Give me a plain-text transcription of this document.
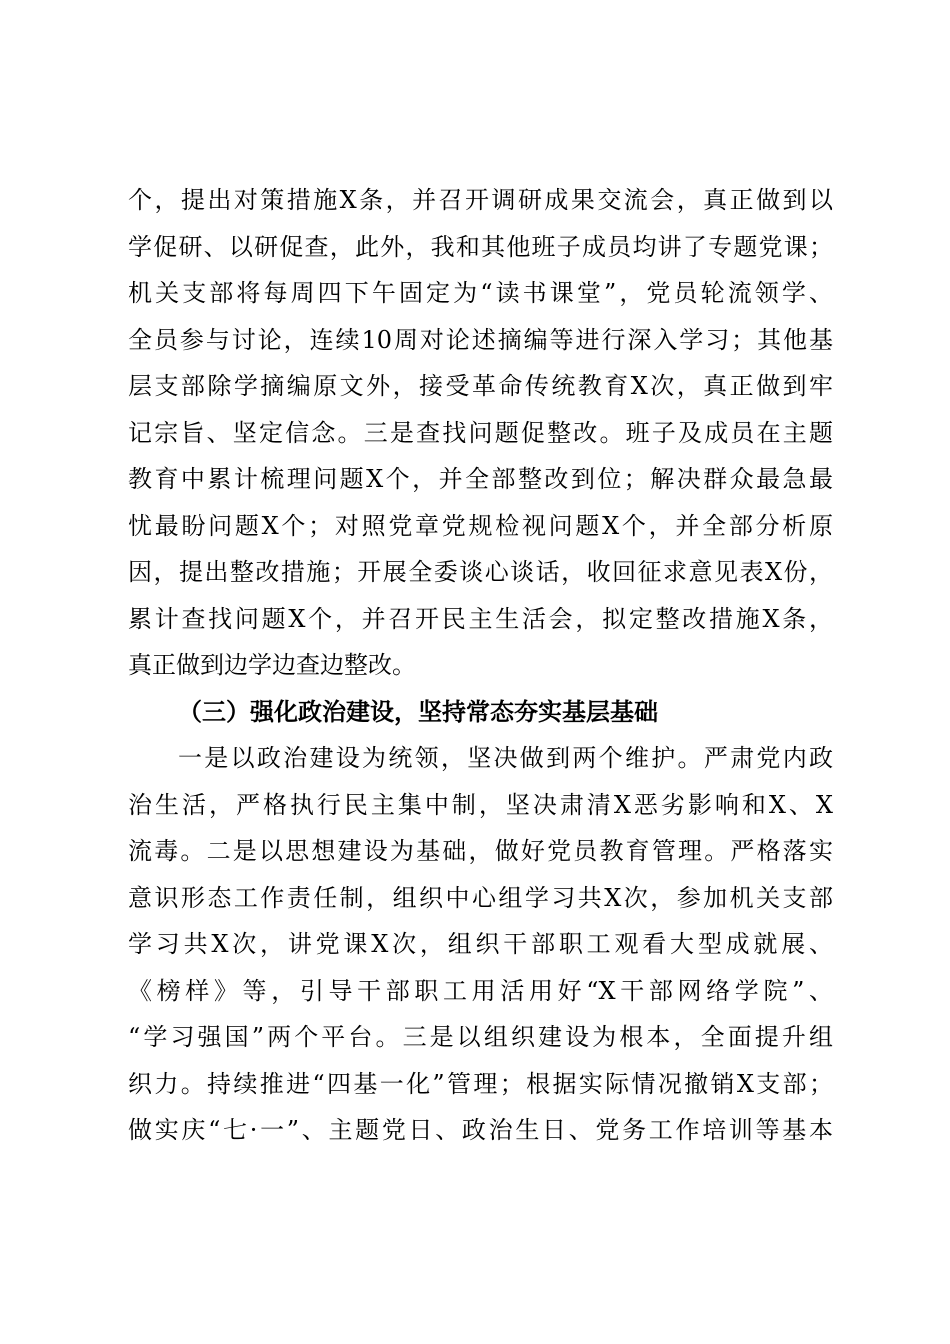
个，提出对策措施X条，并召开调研成果交流会，真正做到以
学促研、以研促查，此外，我和其他班子成员均讲了专题党课；
机关支部将每周四下午固定为“读书课堂”，党员轮流领学、
全员参与讨论，连续10周对论述摘编等进行深入学习；其他基
层支部除学摘编原文外，接受革命传统教育X次，真正做到牢
记宗旨、坚定信念。三是查找问题促整改。班子及成员在主题
教育中累计梳理问题X个，并全部整改到位；解决群众最急最
忧最盼问题X个；对照党章党规检视问题X个，并全部分析原
因，提出整改措施；开展全委谈心谈话，收回征求意见表X份，
累计查找问题X个，并召开民主生活会，拟定整改措施X条，
真正做到边学边查边整改。
（三）强化政治建设，坚持常态夯实基层基础
一是以政治建设为统领，坚决做到两个维护。严肃党内政
治生活，严格执行民主集中制，坚决肃清X恶劣影响和X、X
流毒。二是以思想建设为基础，做好党员教育管理。严格落实
意识形态工作责任制，组织中心组学习共X次，参加机关支部
学习共X次，讲党课X次，组织干部职工观看大型成就展、
《榜样》等，引导干部职工用活用好“X干部网络学院”、
“学习强国”两个平台。三是以组织建设为根本，全面提升组
织力。持续推进“四基一化”管理；根据实际情况撤销X支部；
做实庆“七·一”、主题党日、政治生日、党务工作培训等基本
